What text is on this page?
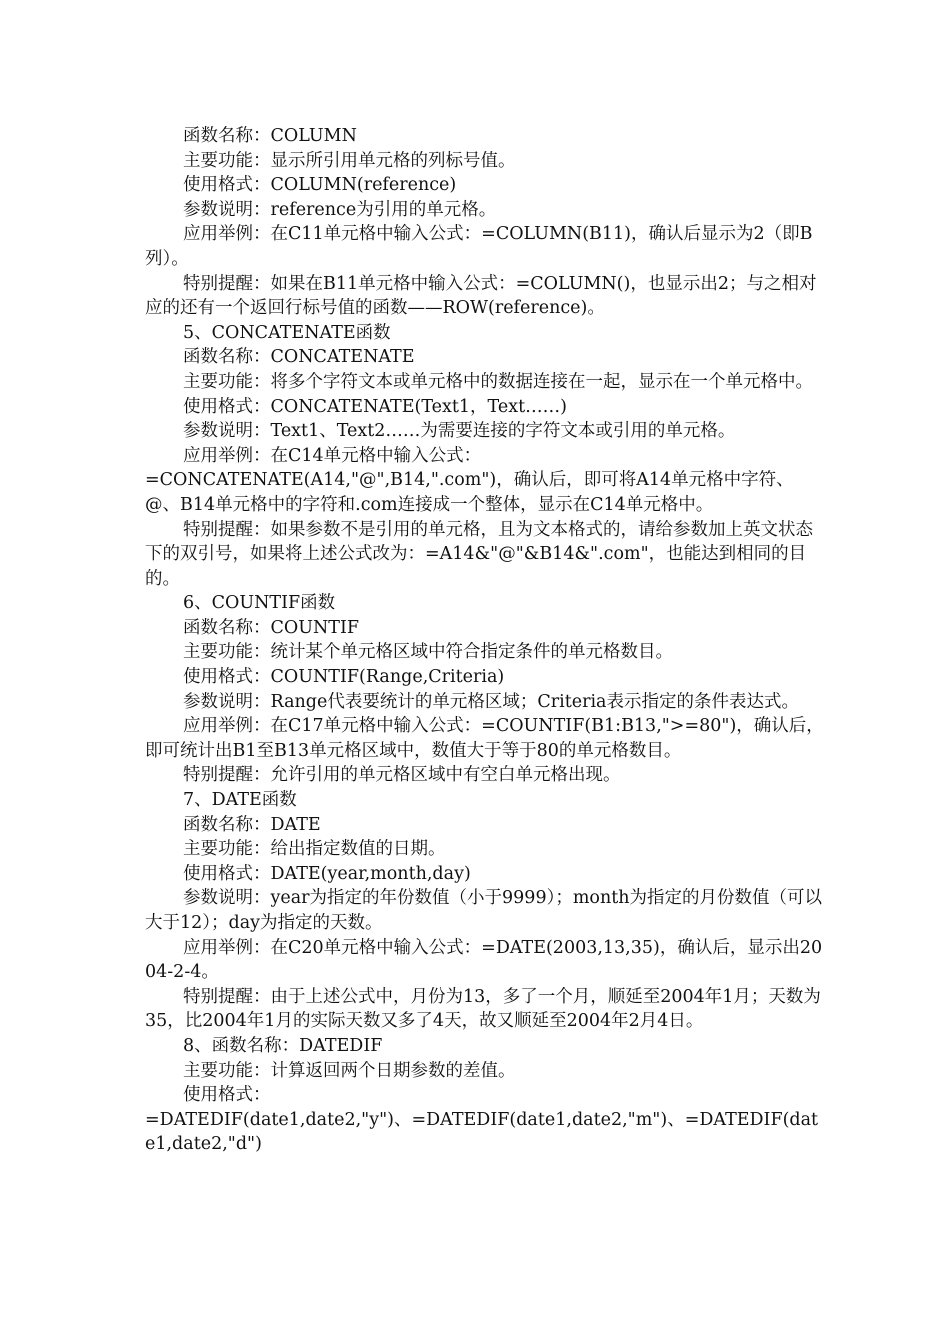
函数名称：COLUMN

主要功能：显示所引用单元格的列标号值。

使用格式：COLUMN(reference)

参数说明：reference为引用的单元格。

应用举例：在C11单元格中输入公式：=COLUMN(B11)，确认后显示为2（即B列）。

特别提醒：如果在B11单元格中输入公式：=COLUMN()，也显示出2；与之相对应的还有一个返回行标号值的函数——ROW(reference)。

5、CONCATENATE函数

函数名称：CONCATENATE

主要功能：将多个字符文本或单元格中的数据连接在一起，显示在一个单元格中。

使用格式：CONCATENATE(Text1，Text……)

参数说明：Text1、Text2……为需要连接的字符文本或引用的单元格。

应用举例：在C14单元格中输入公式：

=CONCATENATE(A14,"@",B14,".com")，确认后，即可将A14单元格中字符、@、B14单元格中的字符和.com连接成一个整体，显示在C14单元格中。

特别提醒：如果参数不是引用的单元格，且为文本格式的，请给参数加上英文状态下的双引号，如果将上述公式改为：=A14&"@"&B14&".com"，也能达到相同的目的。

6、COUNTIF函数

函数名称：COUNTIF

主要功能：统计某个单元格区域中符合指定条件的单元格数目。

使用格式：COUNTIF(Range,Criteria)

参数说明：Range代表要统计的单元格区域；Criteria表示指定的条件表达式。

应用举例：在C17单元格中输入公式：=COUNTIF(B1:B13,">=80")，确认后，即可统计出B1至B13单元格区域中，数值大于等于80的单元格数目。

特别提醒：允许引用的单元格区域中有空白单元格出现。

7、DATE函数

函数名称：DATE

主要功能：给出指定数值的日期。

使用格式：DATE(year,month,day)

参数说明：year为指定的年份数值（小于9999）；month为指定的月份数值（可以大于12）；day为指定的天数。

应用举例：在C20单元格中输入公式：=DATE(2003,13,35)，确认后，显示出2004-2-4。

特别提醒：由于上述公式中，月份为13，多了一个月，顺延至2004年1月；天数为35，比2004年1月的实际天数又多了4天，故又顺延至2004年2月4日。

8、函数名称：DATEDIF

主要功能：计算返回两个日期参数的差值。

使用格式：

=DATEDIF(date1,date2,"y")、=DATEDIF(date1,date2,"m")、=DATEDIF(date1,date2,"d")
